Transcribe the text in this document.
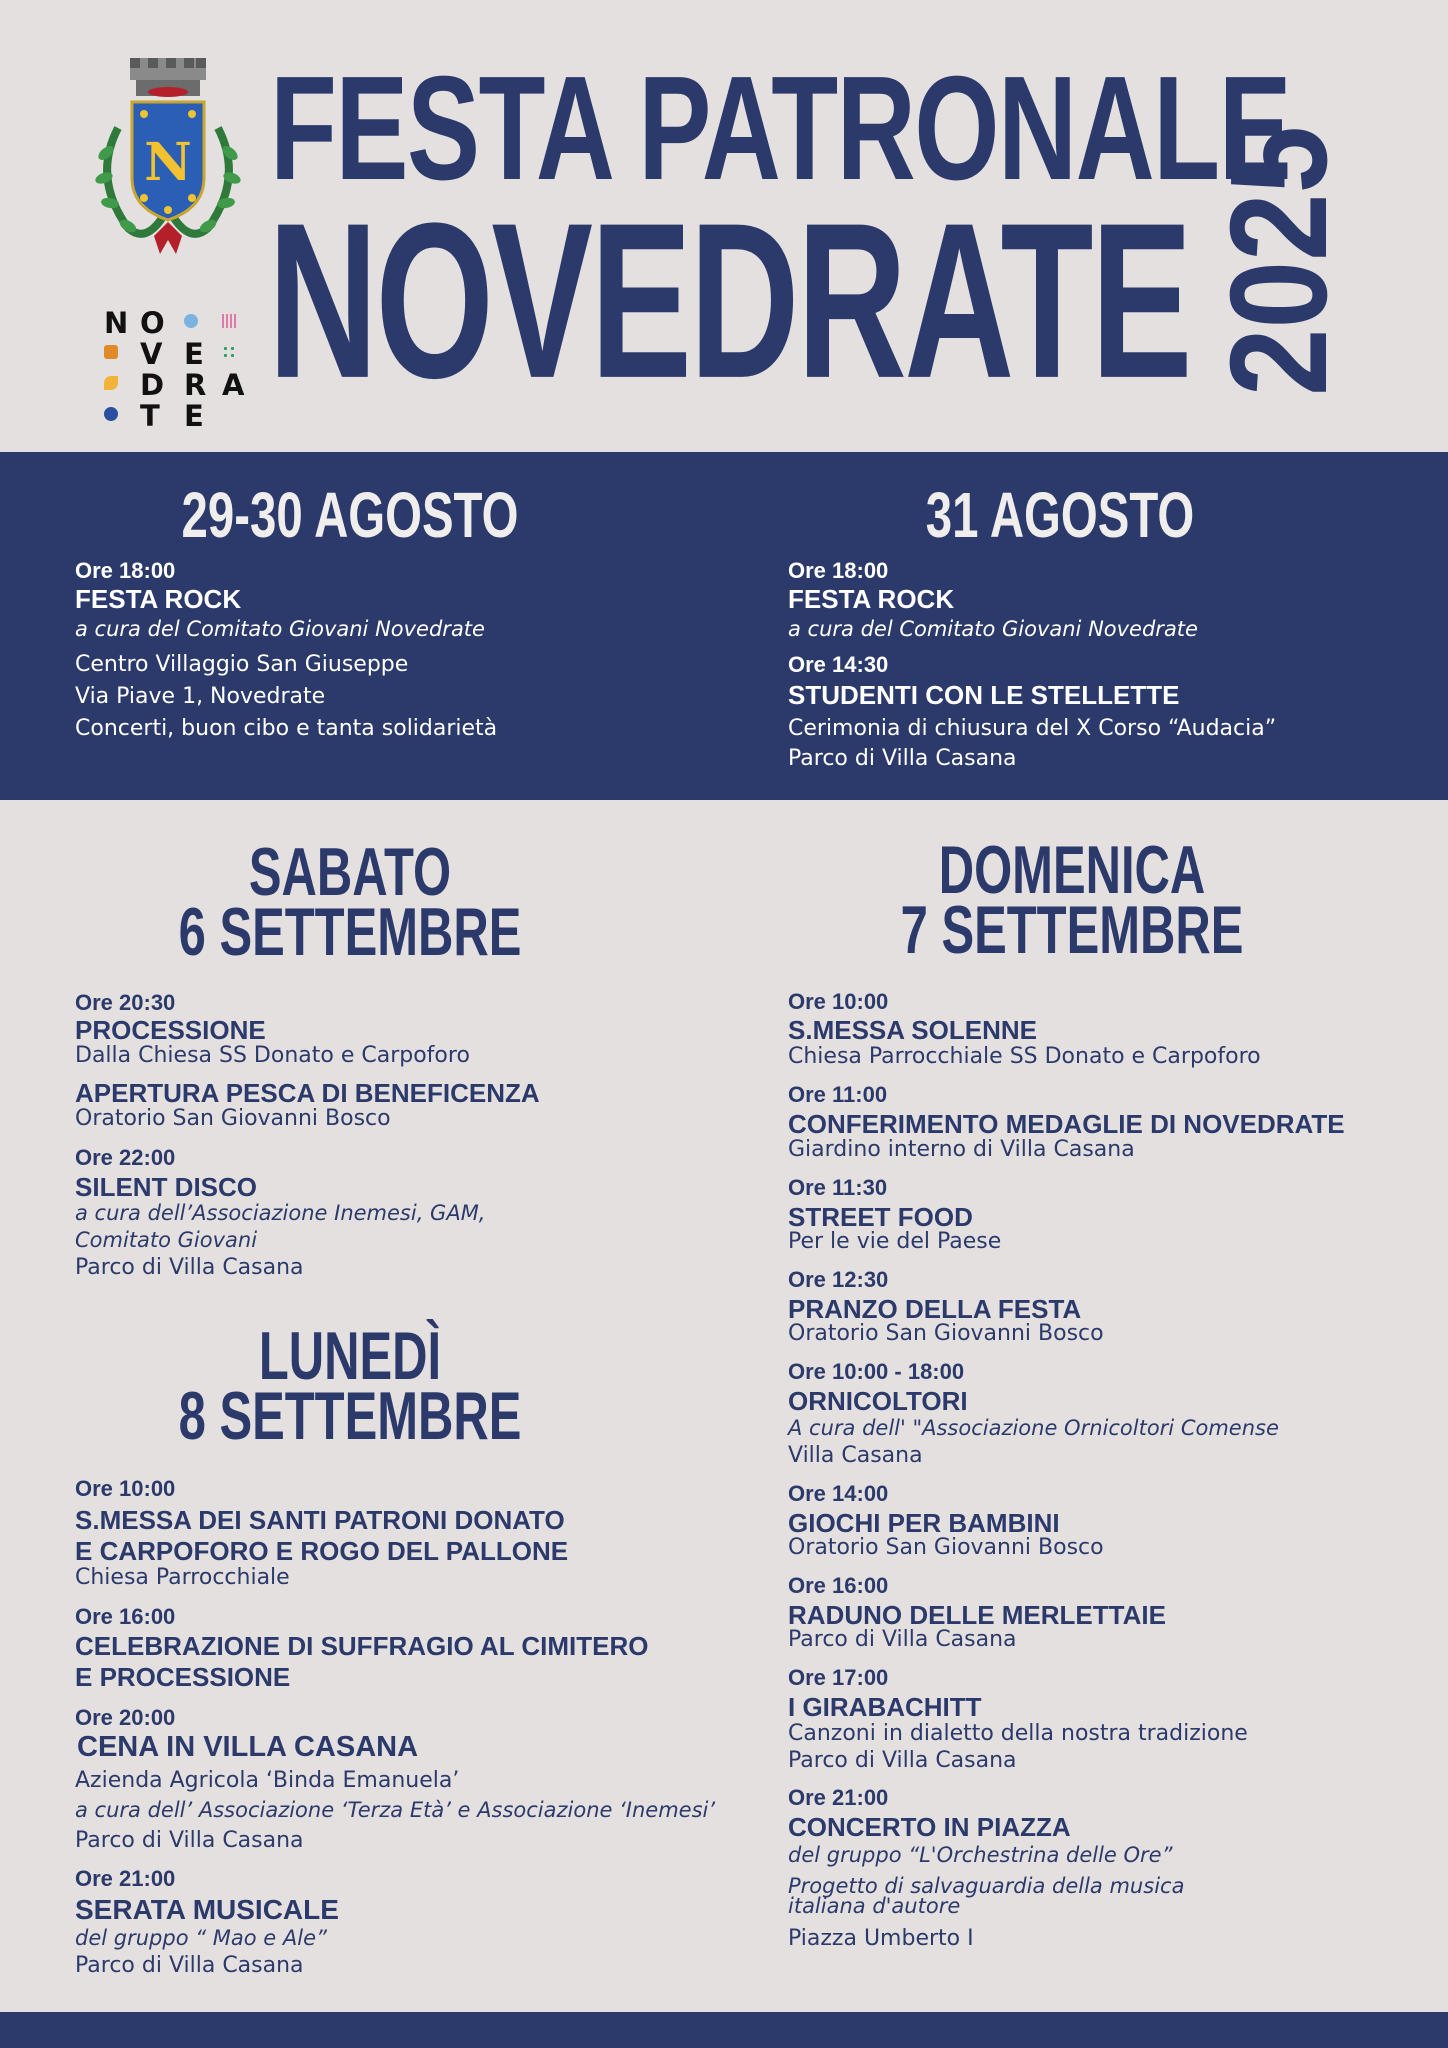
N
N O
V E
D R A
T E
FESTA PATRONALE
NOVEDRATE 2025
29-30 AGOSTO
Ore 18:00
FESTA ROCK
a cura del Comitato Giovani Novedrate
Centro Villaggio San Giuseppe
Via Piave 1, Novedrate
Concerti, buon cibo e tanta solidarietà
31 AGOSTO
Ore 18:00
FESTA ROCK
a cura del Comitato Giovani Novedrate
Ore 14:30
STUDENTI CON LE STELLETTE
Cerimonia di chiusura del X Corso “Audacia”
Parco di Villa Casana
SABATO
6 SETTEMBRE
Ore 20:30
PROCESSIONE
Dalla Chiesa SS Donato e Carpoforo
APERTURA PESCA DI BENEFICENZA
Oratorio San Giovanni Bosco
Ore 22:00
SILENT DISCO
a cura dell’Associazione Inemesi, GAM,
Comitato Giovani
Parco di Villa Casana
LUNEDÌ
8 SETTEMBRE
Ore 10:00
S.MESSA DEI SANTI PATRONI DONATO
E CARPOFORO E ROGO DEL PALLONE
Chiesa Parrocchiale
Ore 16:00
CELEBRAZIONE DI SUFFRAGIO AL CIMITERO
E PROCESSIONE
Ore 20:00
CENA IN VILLA CASANA
Azienda Agricola ‘Binda Emanuela’
a cura dell’ Associazione ‘Terza Età’ e Associazione ‘Inemesi’
Parco di Villa Casana
Ore 21:00
SERATA MUSICALE
del gruppo “ Mao e Ale”
Parco di Villa Casana
DOMENICA
7 SETTEMBRE
Ore 10:00
S.MESSA SOLENNE
Chiesa Parrocchiale SS Donato e Carpoforo
Ore 11:00
CONFERIMENTO MEDAGLIE DI NOVEDRATE
Giardino interno di Villa Casana
Ore 11:30
STREET FOOD
Per le vie del Paese
Ore 12:30
PRANZO DELLA FESTA
Oratorio San Giovanni Bosco
Ore 10:00 - 18:00
ORNICOLTORI
A cura dell' "Associazione Ornicoltori Comense
Villa Casana
Ore 14:00
GIOCHI PER BAMBINI
Oratorio San Giovanni Bosco
Ore 16:00
RADUNO DELLE MERLETTAIE
Parco di Villa Casana
Ore 17:00
I GIRABACHITT
Canzoni in dialetto della nostra tradizione
Parco di Villa Casana
Ore 21:00
CONCERTO IN PIAZZA
del gruppo “L'Orchestrina delle Ore”
Progetto di salvaguardia della musica
italiana d'autore
Piazza Umberto I
